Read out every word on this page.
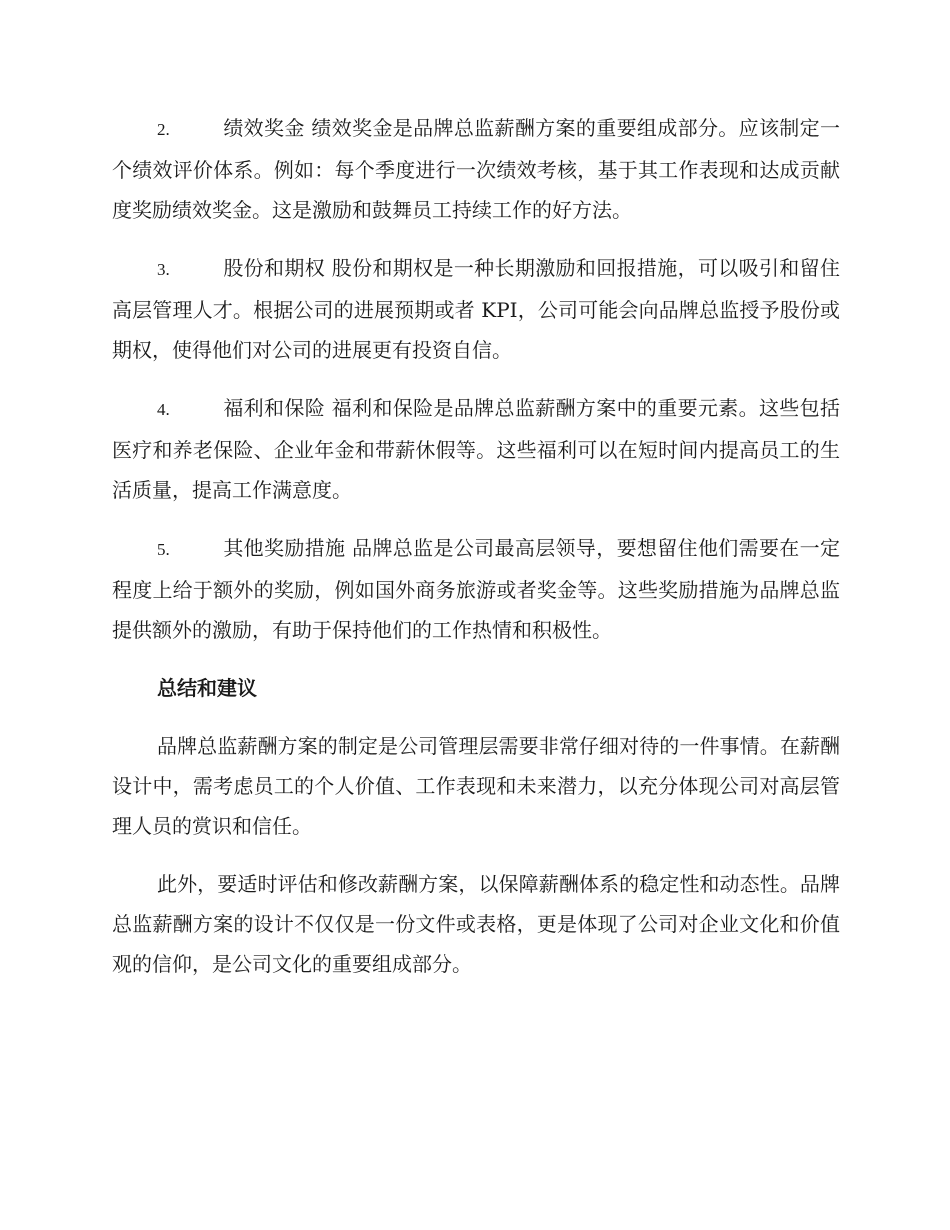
2.	绩效奖金 绩效奖金是品牌总监薪酬方案的重要组成部分。应该制定一个绩效评价体系。例如：每个季度进行一次绩效考核，基于其工作表现和达成贡献度奖励绩效奖金。这是激励和鼓舞员工持续工作的好方法。

3.	股份和期权 股份和期权是一种长期激励和回报措施，可以吸引和留住高层管理人才。根据公司的进展预期或者 KPI，公司可能会向品牌总监授予股份或期权，使得他们对公司的进展更有投资自信。

4.	福利和保险 福利和保险是品牌总监薪酬方案中的重要元素。这些包括医疗和养老保险、企业年金和带薪休假等。这些福利可以在短时间内提高员工的生活质量，提高工作满意度。

5.	其他奖励措施 品牌总监是公司最高层领导，要想留住他们需要在一定程度上给于额外的奖励，例如国外商务旅游或者奖金等。这些奖励措施为品牌总监提供额外的激励，有助于保持他们的工作热情和积极性。

总结和建议

品牌总监薪酬方案的制定是公司管理层需要非常仔细对待的一件事情。在薪酬设计中，需考虑员工的个人价值、工作表现和未来潜力，以充分体现公司对高层管理人员的赏识和信任。

此外，要适时评估和修改薪酬方案，以保障薪酬体系的稳定性和动态性。品牌总监薪酬方案的设计不仅仅是一份文件或表格，更是体现了公司对企业文化和价值观的信仰，是公司文化的重要组成部分。
